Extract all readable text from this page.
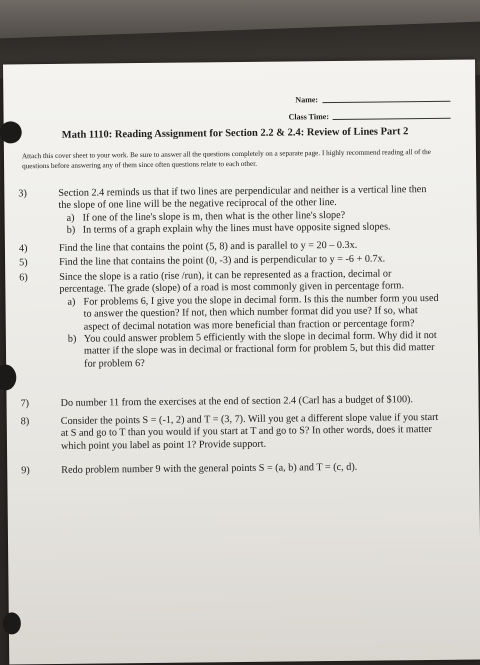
Name:
Class Time:
Math 1110: Reading Assignment for Section 2.2 & 2.4: Review of Lines Part 2
Attach this cover sheet to your work. Be sure to answer all the questions completely on a separate page. I highly recommend reading all of the questions before answering any of them since often questions relate to each other.
3)	Section 2.4 reminds us that if two lines are perpendicular and neither is a vertical line then the slope of one line will be the negative reciprocal of the other line.
a) If one of the line's slope is m, then what is the other line's slope?
b) In terms of a graph explain why the lines must have opposite signed slopes.
4)	Find the line that contains the point (5, 8) and is parallel to y = 20 – 0.3x.
5)	Find the line that contains the point (0, -3) and is perpendicular to y = -6 + 0.7x.
6)	Since the slope is a ratio (rise /run), it can be represented as a fraction, decimal or percentage. The grade (slope) of a road is most commonly given in percentage form.
a) For problems 6, I give you the slope in decimal form. Is this the number form you used to answer the question? If not, then which number format did you use? If so, what aspect of decimal notation was more beneficial than fraction or percentage form?
b) You could answer problem 5 efficiently with the slope in decimal form. Why did it not matter if the slope was in decimal or fractional form for problem 5, but this did matter for problem 6?
7)	Do number 11 from the exercises at the end of section 2.4 (Carl has a budget of $100).
8)	Consider the points S = (-1, 2) and T = (3, 7). Will you get a different slope value if you start at S and go to T than you would if you start at T and go to S? In other words, does it matter which point you label as point 1? Provide support.
9)	Redo problem number 9 with the general points S = (a, b) and T = (c, d).
